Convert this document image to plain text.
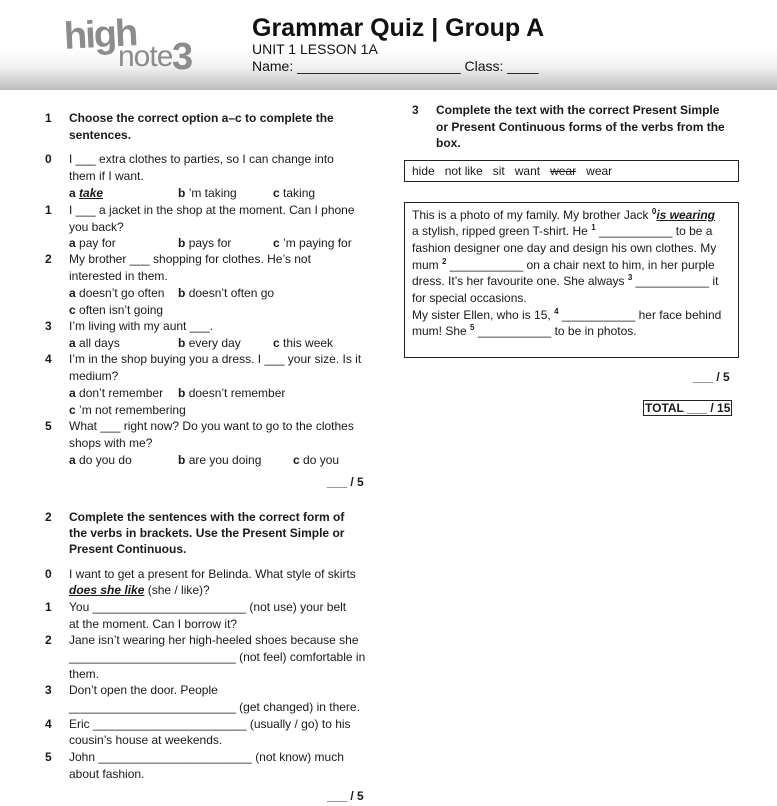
high
note 3
Grammar Quiz | Group A
UNIT 1 LESSON 1A
Name: _____________________ Class: ____
1 Choose the correct option a–c to complete the
sentences.
0 I ___ extra clothes to parties, so I can change into
them if I want.
a take	b ’m taking	c taking
1 I ___ a jacket in the shop at the moment. Can I phone
you back?
a pay for	b pays for	c ’m paying for
2 My brother ___ shopping for clothes. He’s not
interested in them.
a doesn’t go often b doesn’t often go
c often isn’t going
3 I’m living with my aunt ___.
a all days	b every day	c this week
4 I’m in the shop buying you a dress. I ___ your size. Is it
medium?
a don’t remember b doesn’t remember
c ’m not remembering
5 What ___ right now? Do you want to go to the clothes
shops with me?
a do you do	b are you doing	c do you
___ / 5
2 Complete the sentences with the correct form of
the verbs in brackets. Use the Present Simple or
Present Continuous.
0 I want to get a present for Belinda. What style of skirts
does she like (she / like)?
1 You _______________________ (not use) your belt
at the moment. Can I borrow it?
2 Jane isn’t wearing her high-heeled shoes because she
_________________________ (not feel) comfortable in
them.
3 Don’t open the door. People
_________________________ (get changed) in there.
4 Eric _______________________ (usually / go) to his
cousin’s house at weekends.
5 John _______________________ (not know) much
about fashion.
___ / 5
3 Complete the text with the correct Present Simple
or Present Continuous forms of the verbs from the
box.
hide not like sit want wear wear
This is a photo of my family. My brother Jack $^0$is wearing
a stylish, ripped green T-shirt. He $^1$ ___________ to be a
fashion designer one day and design his own clothes. My
mum $^2$ ___________ on a chair next to him, in her purple
dress. It’s her favourite one. She always $^3$ ___________ it
for special occasions.
My sister Ellen, who is 15, $^4$ ___________ her face behind
mum! She $^5$ ___________ to be in photos.
___ / 5
TOTAL ___ / 15
